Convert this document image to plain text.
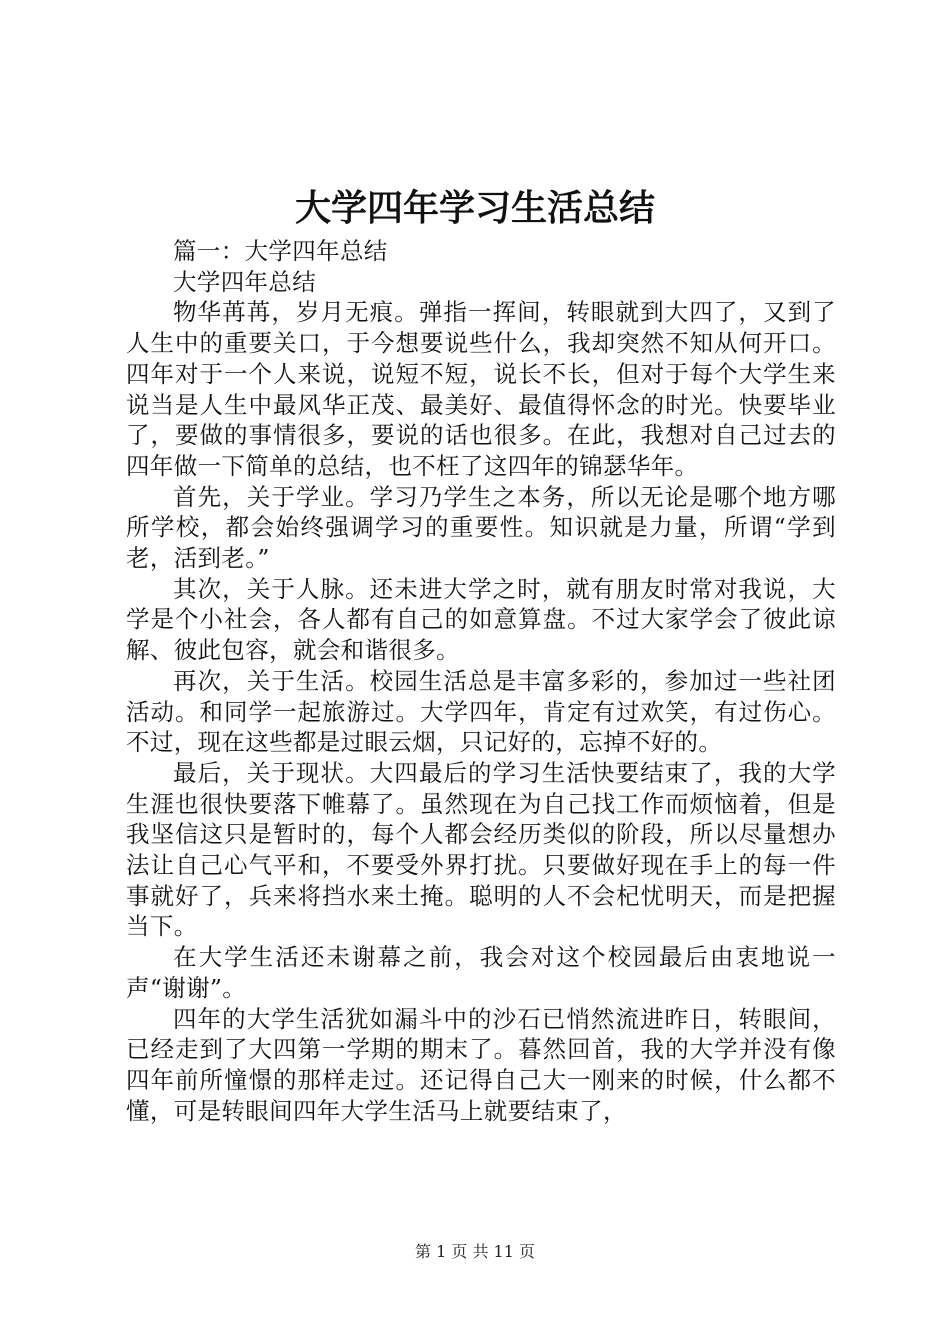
大学四年学习生活总结

篇一：大学四年总结

大学四年总结

物华苒苒，岁月无痕。弹指一挥间，转眼就到大四了，又到了人生中的重要关口，于今想要说些什么，我却突然不知从何开口。四年对于一个人来说，说短不短，说长不长，但对于每个大学生来说当是人生中最风华正茂、最美好、最值得怀念的时光。快要毕业了，要做的事情很多，要说的话也很多。在此，我想对自己过去的四年做一下简单的总结，也不枉了这四年的锦瑟华年。

首先，关于学业。学习乃学生之本务，所以无论是哪个地方哪所学校，都会始终强调学习的重要性。知识就是力量，所谓“学到老，活到老。”

其次，关于人脉。还未进大学之时，就有朋友时常对我说，大学是个小社会，各人都有自己的如意算盘。不过大家学会了彼此谅解、彼此包容，就会和谐很多。

再次，关于生活。校园生活总是丰富多彩的，参加过一些社团活动。和同学一起旅游过。大学四年，肯定有过欢笑，有过伤心。不过，现在这些都是过眼云烟，只记好的，忘掉不好的。

最后，关于现状。大四最后的学习生活快要结束了，我的大学生涯也很快要落下帷幕了。虽然现在为自己找工作而烦恼着，但是我坚信这只是暂时的，每个人都会经历类似的阶段，所以尽量想办法让自己心气平和，不要受外界打扰。只要做好现在手上的每一件事就好了，兵来将挡水来土掩。聪明的人不会杞忧明天，而是把握当下。

在大学生活还未谢幕之前，我会对这个校园最后由衷地说一声“谢谢”。

四年的大学生活犹如漏斗中的沙石已悄然流进昨日，转眼间，已经走到了大四第一学期的期末了。暮然回首，我的大学并没有像四年前所憧憬的那样走过。还记得自己大一刚来的时候，什么都不懂，可是转眼间四年大学生活马上就要结束了，

第 1 页 共 11 页
